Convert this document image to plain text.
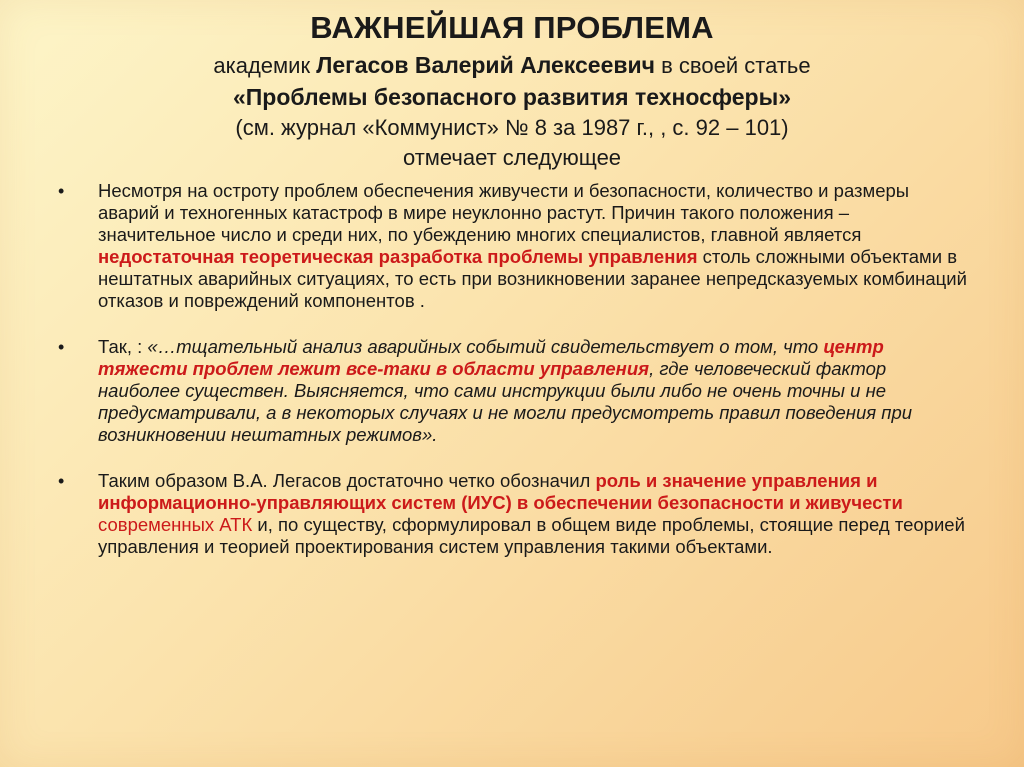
ВАЖНЕЙШАЯ ПРОБЛЕМА
академик Легасов Валерий Алексеевич в своей статье
«Проблемы безопасного развития техносферы»
(см. журнал «Коммунист» № 8 за 1987 г., , с. 92 – 101)
отмечает следующее
• Несмотря на остроту проблем обеспечения живучести и безопасности, количество и размеры аварий и техногенных катастроф в мире неуклонно растут. Причин такого положения – значительное число и среди них, по убеждению многих специалистов, главной является недостаточная теоретическая разработка проблемы управления столь сложными объектами в нештатных аварийных ситуациях, то есть при возникновении заранее непредсказуемых комбинаций отказов и повреждений компонентов .
• Так, : «…тщательный анализ аварийных событий свидетельствует о том, что центр тяжести проблем лежит все-таки в области управления, где человеческий фактор наиболее существен. Выясняется, что сами инструкции были либо не очень точны и не предусматривали, а в некоторых случаях и не могли предусмотреть правил поведения при возникновении нештатных режимов».
• Таким образом В.А. Легасов достаточно четко обозначил роль и значение управления и информационно-управляющих систем (ИУС) в обеспечении безопасности и живучести современных АТК и, по существу, сформулировал в общем виде проблемы, стоящие перед теорией управления и теорией проектирования систем управления такими объектами.
